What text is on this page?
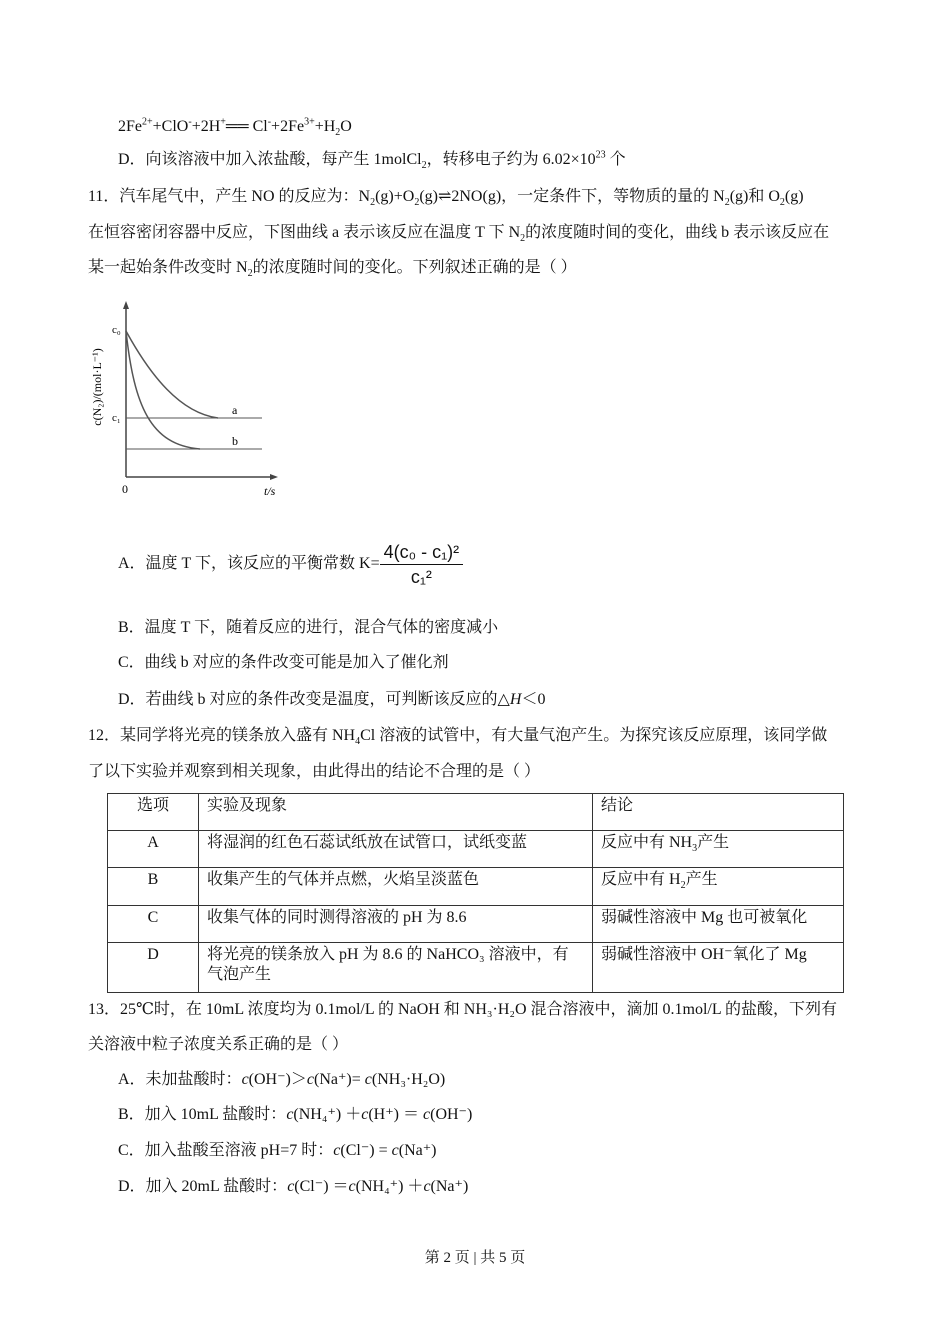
$2Fe^{2+}+ClO^-+2H^+══$ $Cl^-+2Fe^{3+}+H_2O$
D．向该溶液中加入浓盐酸，每产生 1molCl$_2$，转移电子约为 $6.02\times 10^{23}$ 个
11．汽车尾气中，产生 NO 的反应为：$N_2(g)+O_2(g)\rightleftharpoons 2NO(g)$，一定条件下，等物质的量的 $N_2(g)$和 $O_2(g)$
在恒容密闭容器中反应，下图曲线 a 表示该反应在温度 T 下 $N_2$的浓度随时间的变化，曲线 b 表示该反应在
某一起始条件改变时 $N_2$的浓度随时间的变化。下列叙述正确的是（ ）
c(N₂)/(mol·L⁻¹)
c₀
c₁
a
b
0	t/s
A．温度 T 下，该反应的平衡常数 $K= \frac{\text{4(c₀ - c₁)²}}{\text{c₁²}}$
B．温度 T 下，随着反应的进行，混合气体的密度减小
C．曲线 b 对应的条件改变可能是加入了催化剂
D．若曲线 b 对应的条件改变是温度，可判断该反应的△H＜0
12．某同学将光亮的镁条放入盛有 $NH_4Cl$ 溶液的试管中，有大量气泡产生。为探究该反应原理，该同学做
了以下实验并观察到相关现象，由此得出的结论不合理的是（ ）
选项	实验及现象	结论
A	将湿润的红色石蕊试纸放在试管口，试纸变蓝	反应中有 $NH_3$产生
B	收集产生的气体并点燃，火焰呈淡蓝色	反应中有 $H_2$产生
C	收集气体的同时测得溶液的 pH 为 8.6	弱碱性溶液中 Mg 也可被氧化
D	将光亮的镁条放入 pH 为 8.6 的 NaHCO₃ 溶液中，有气泡产生	弱碱性溶液中 OH⁻氧化了 Mg
13．25℃时，在 10mL 浓度均为 0.1mol/L 的 NaOH 和 NH₃·H₂O 混合溶液中，滴加 0.1mol/L 的盐酸，下列有
关溶液中粒子浓度关系正确的是（ ）
A．未加盐酸时：c(OH⁻)＞c(Na⁺)= c(NH₃·H₂O)
B．加入 10mL 盐酸时：c(NH₄⁺) ＋c(H⁺) ＝ c(OH⁻)
C．加入盐酸至溶液 pH=7 时：c(Cl⁻) = c(Na⁺)
D．加入 20mL 盐酸时：c(Cl⁻) ＝c(NH₄⁺) ＋c(Na⁺)
第 2 页 | 共 5 页
